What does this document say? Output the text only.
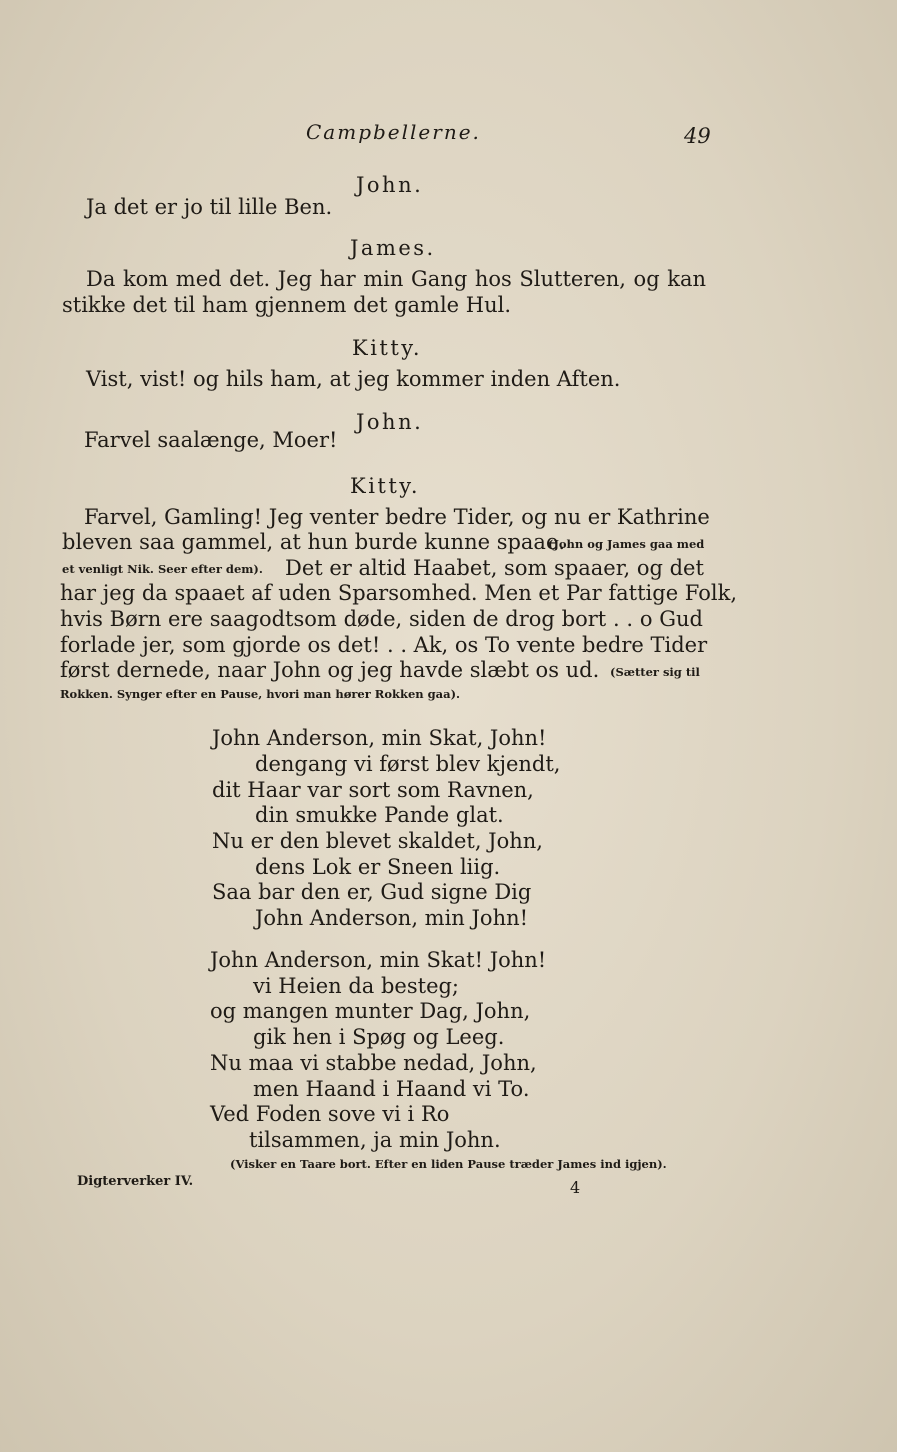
Campbellerne.	49
John.
Ja det er jo til lille Ben.
James.
Da kom med det. Jeg har min Gang hos Slutteren, og kan
stikke det til ham gjennem det gamle Hul.
Kitty.
Vist, vist! og hils ham, at jeg kommer inden Aften.
John.
Farvel saalænge, Moer!
Kitty.
Farvel, Gamling! Jeg venter bedre Tider, og nu er Kathrine
bleven saa gammel, at hun burde kunne spaae.
(John og James gaa med
et venligt Nik. Seer efter dem). Det er altid Haabet, som spaaer, og det
har jeg da spaaet af uden Sparsomhed. Men et Par fattige Folk,
hvis Børn ere saagodtsom døde, siden de drog bort . . o Gud
forlade jer, som gjorde os det! . . Ak, os To vente bedre Tider
først dernede, naar John og jeg havde slæbt os ud. (Sætter sig til
Rokken. Synger efter en Pause, hvori man hører Rokken gaa).
John Anderson, min Skat, John!
dengang vi først blev kjendt,
dit Haar var sort som Ravnen,
din smukke Pande glat.
Nu er den blevet skaldet, John,
dens Lok er Sneen liig.
Saa bar den er, Gud signe Dig
John Anderson, min John!
John Anderson, min Skat! John!
vi Heien da besteg;
og mangen munter Dag, John,
gik hen i Spøg og Leeg.
Nu maa vi stabbe nedad, John,
men Haand i Haand vi To.
Ved Foden sove vi i Ro
tilsammen, ja min John.
(Visker en Taare bort. Efter en liden Pause træder James ind igjen).
Digterverker IV.	4
